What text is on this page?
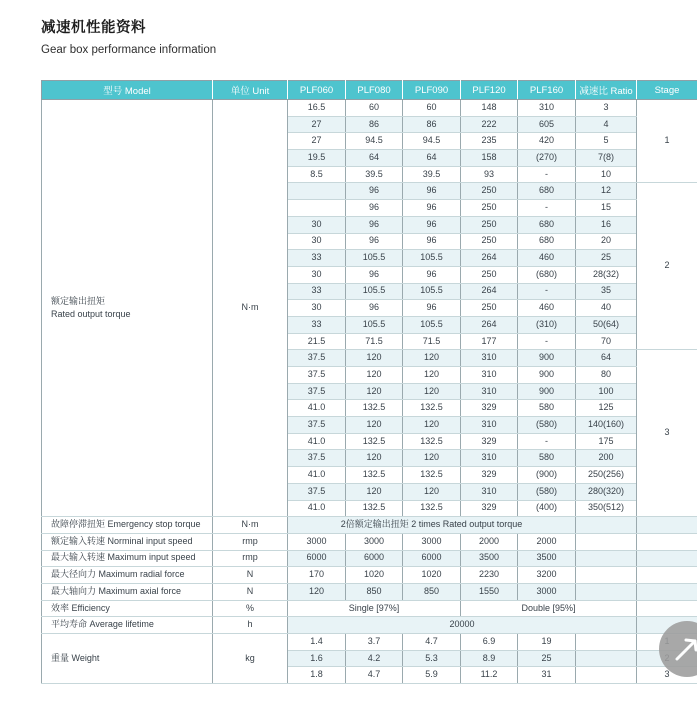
减速机性能资料
Gear box performance information
型号 Model	单位 Unit	PLF060	PLF080	PLF090	PLF120	PLF160	减速比 Ratio	Stage

额定输出扭矩
Rated output torque	N·m	16.5	60	60	148	310	3	1
		27	86	86	222	605	4	
		27	94.5	94.5	235	420	5	
		19.5	64	64	158	(270)	7(8)	
		8.5	39.5	39.5	93	-	10	
			96	96	250	680	12	2
			96	96	250	-	15	
		30	96	96	250	680	16	
		30	96	96	250	680	20	
		33	105.5	105.5	264	460	25	
		30	96	96	250	(680)	28(32)	
		33	105.5	105.5	264	-	35	
		30	96	96	250	460	40	
		33	105.5	105.5	264	(310)	50(64)	
		21.5	71.5	71.5	177	-	70	
		37.5	120	120	310	900	64	3
		37.5	120	120	310	900	80	
		37.5	120	120	310	900	100	
		41.0	132.5	132.5	329	580	125	
		37.5	120	120	310	(580)	140(160)	
		41.0	132.5	132.5	329	-	175	
		37.5	120	120	310	580	200	
		41.0	132.5	132.5	329	(900)	250(256)	
		37.5	120	120	310	(580)	280(320)	
		41.0	132.5	132.5	329	(400)	350(512)	
故障停滞扭矩 Emergency stop torque	N·m	2倍额定输出扭矩 2 times Rated output torque						
额定输入转速 Norminal input speed	rmp	3000	3000	3000	2000	2000		
最大输入转速 Maximum input speed	rmp	6000	6000	6000	3500	3500		
最大径向力 Maximum radial force	N	170	1020	1020	2230	3200		
最大轴向力 Maximum axial force	N	120	850	850	1550	3000		
效率 Efficiency	%	Single [97%]			Double [95%]			
平均寿命 Average lifetime	h	20000						
重量 Weight	kg	1.4	3.7	4.7	6.9	19		
		1.6	4.2	5.3	8.9	25		
		1.8	4.7	5.9	11.2	31		3
